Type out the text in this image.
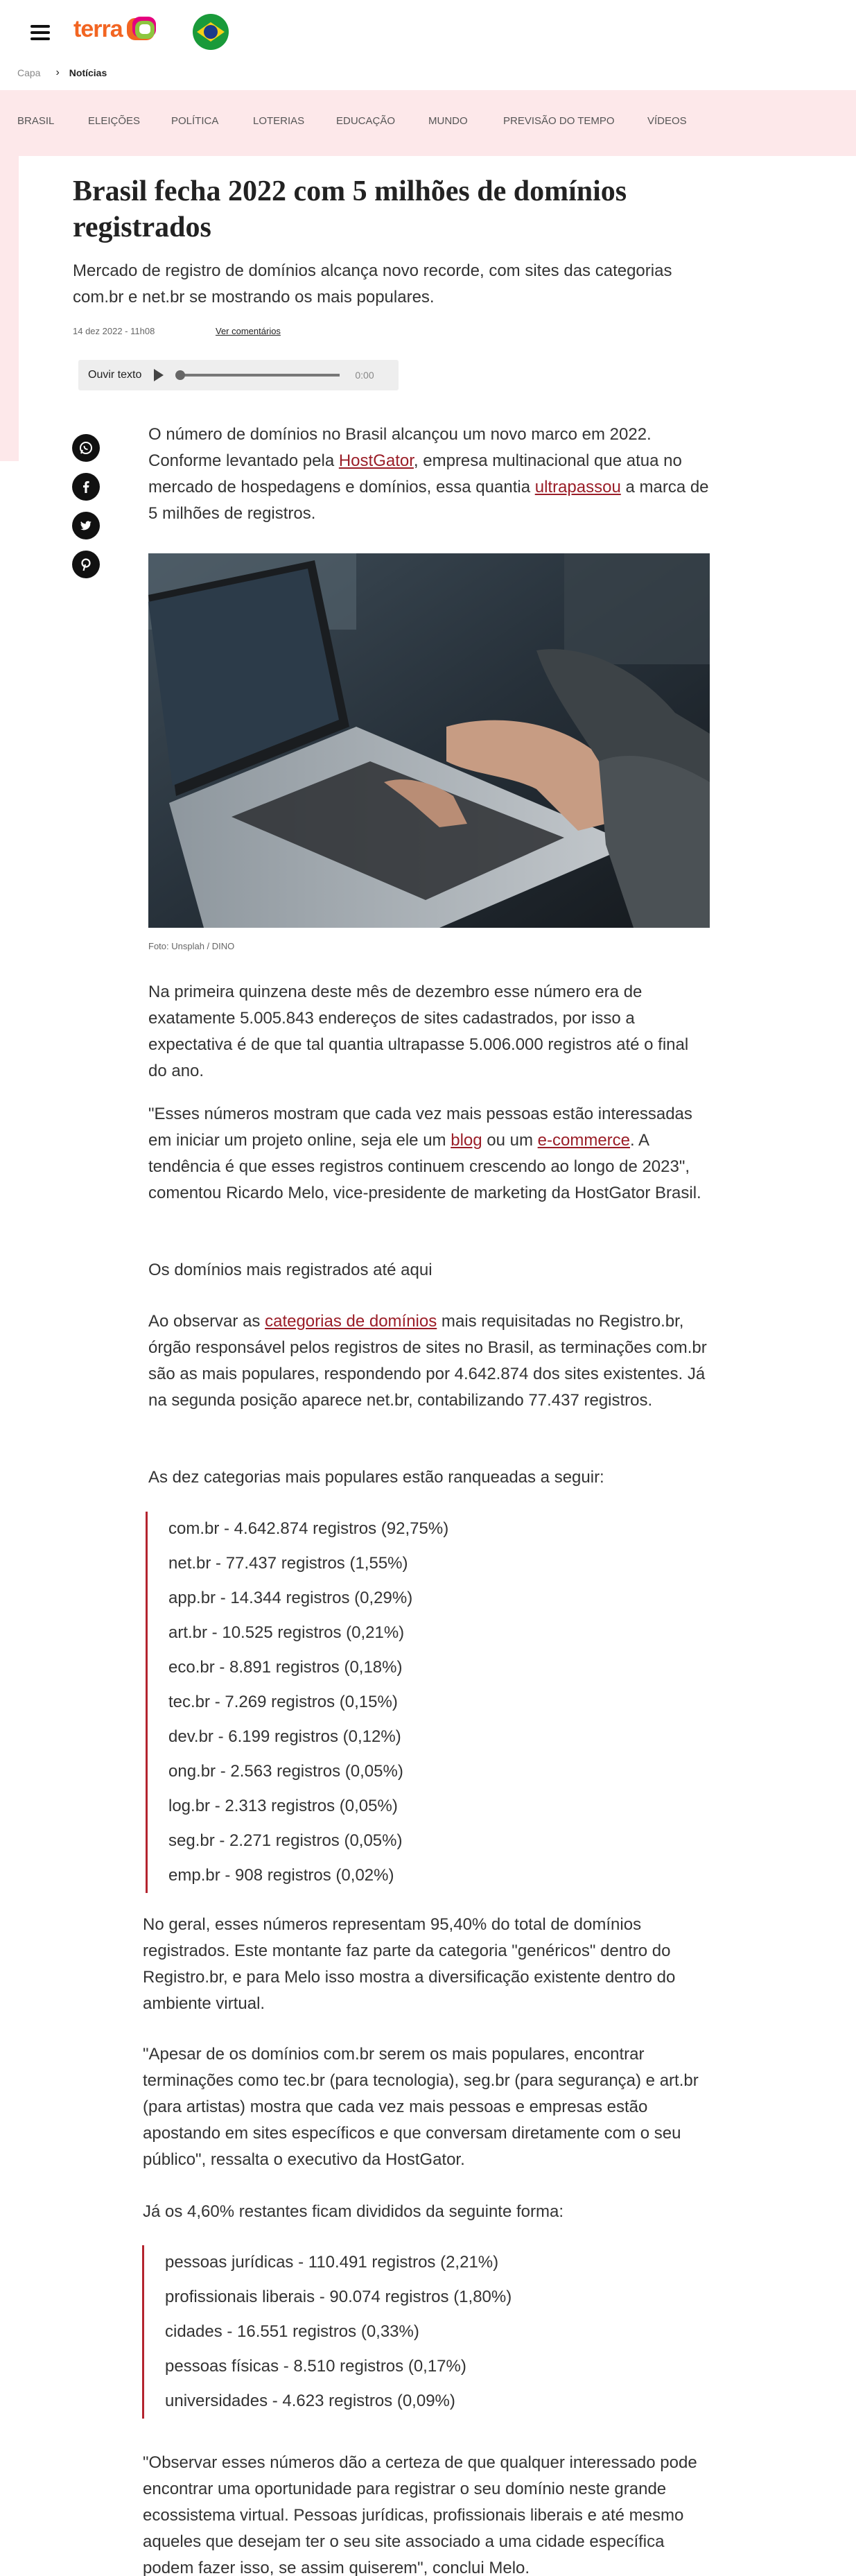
terra
Capa › Notícias
BRASIL	ELEIÇÕES	POLÍTICA	LOTERIAS	EDUCAÇÃO	MUNDO	PREVISÃO DO TEMPO	VÍDEOS
Brasil fecha 2022 com 5 milhões de domínios registrados

Mercado de registro de domínios alcança novo recorde, com sites das categorias com.br e net.br se mostrando os mais populares.

14 dez 2022 - 11h08	Ver comentários
Ouvir texto	0:00

O número de domínios no Brasil alcançou um novo marco em 2022. Conforme levantado pela HostGator, empresa multinacional que atua no mercado de hospedagens e domínios, essa quantia ultrapassou a marca de 5 milhões de registros.

Foto: Unsplah / DINO

Na primeira quinzena deste mês de dezembro esse número era de exatamente 5.005.843 endereços de sites cadastrados, por isso a expectativa é de que tal quantia ultrapasse 5.006.000 registros até o final do ano.

"Esses números mostram que cada vez mais pessoas estão interessadas em iniciar um projeto online, seja ele um blog ou um e-commerce. A tendência é que esses registros continuem crescendo ao longo de 2023", comentou Ricardo Melo, vice-presidente de marketing da HostGator Brasil.

Os domínios mais registrados até aqui

Ao observar as categorias de domínios mais requisitadas no Registro.br, órgão responsável pelos registros de sites no Brasil, as terminações com.br são as mais populares, respondendo por 4.642.874 dos sites existentes. Já na segunda posição aparece net.br, contabilizando 77.437 registros.

As dez categorias mais populares estão ranqueadas a seguir:

com.br - 4.642.874 registros (92,75%)
net.br - 77.437 registros (1,55%)
app.br - 14.344 registros (0,29%)
art.br - 10.525 registros (0,21%)
eco.br - 8.891 registros (0,18%)
tec.br - 7.269 registros (0,15%)
dev.br - 6.199 registros (0,12%)
ong.br - 2.563 registros (0,05%)
log.br - 2.313 registros (0,05%)
seg.br - 2.271 registros (0,05%)
emp.br - 908 registros (0,02%)

No geral, esses números representam 95,40% do total de domínios registrados. Este montante faz parte da categoria "genéricos" dentro do Registro.br, e para Melo isso mostra a diversificação existente dentro do ambiente virtual.

"Apesar de os domínios com.br serem os mais populares, encontrar terminações como tec.br (para tecnologia), seg.br (para segurança) e art.br (para artistas) mostra que cada vez mais pessoas e empresas estão apostando em sites específicos e que conversam diretamente com o seu público", ressalta o executivo da HostGator.

Já os 4,60% restantes ficam divididos da seguinte forma:

pessoas jurídicas - 110.491 registros (2,21%)
profissionais liberais - 90.074 registros (1,80%)
cidades - 16.551 registros (0,33%)
pessoas físicas - 8.510 registros (0,17%)
universidades - 4.623 registros (0,09%)

"Observar esses números dão a certeza de que qualquer interessado pode encontrar uma oportunidade para registrar o seu domínio neste grande ecossistema virtual. Pessoas jurídicas, profissionais liberais e até mesmo aqueles que desejam ter o seu site associado a uma cidade específica podem fazer isso, se assim quiserem", conclui Melo.
